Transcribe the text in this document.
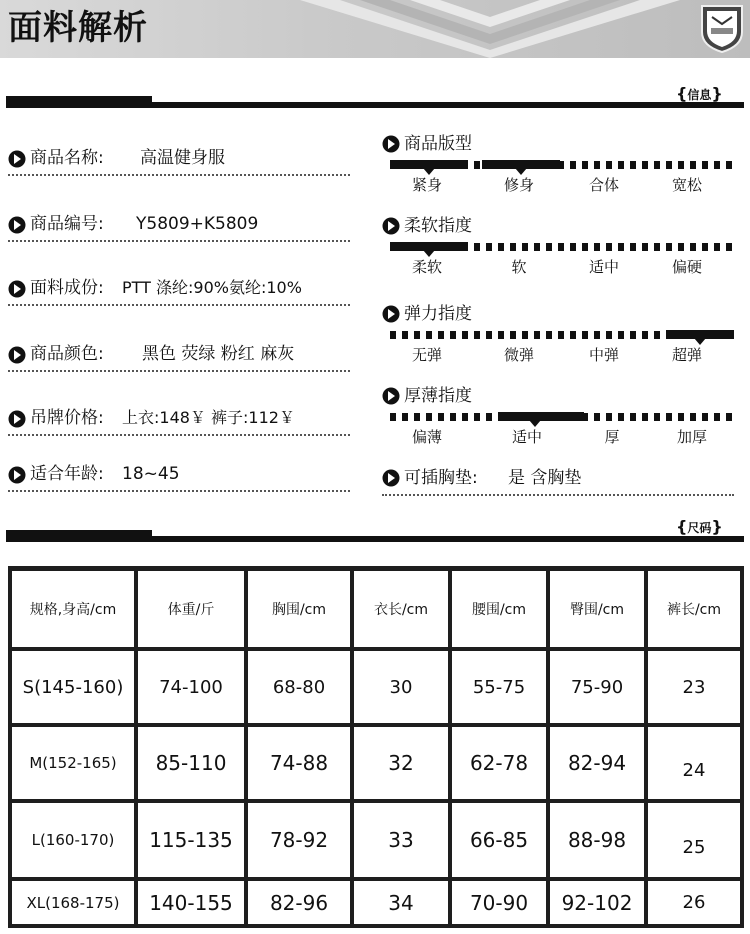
面料解析
{信息}
商品名称: 高温健身服
商品编号: Y5809+K5809
面料成份: PTT 涤纶:90%氨纶:10%
商品颜色: 黑色 荧绿 粉红 麻灰
吊牌价格: 上衣:148￥ 裤子:112￥
适合年龄: 18~45
商品版型
紧身	修身	合体	宽松
柔软指度
柔软	软	适中	偏硬
弹力指度
无弹	微弹	中弹	超弹
厚薄指度
偏薄	适中	厚	加厚
可插胸垫: 是 含胸垫
{尺码}
规格,身高/cm	体重/斤	胸围/cm	衣长/cm	腰围/cm	臀围/cm	裤长/cm
S(145-160)	74-100	68-80	30	55-75	75-90	23
M(152-165)	85-110	74-88	32	62-78	82-94	24
L(160-170)	115-135	78-92	33	66-85	88-98	25
XL(168-175)	140-155	82-96	34	70-90	92-102	26
